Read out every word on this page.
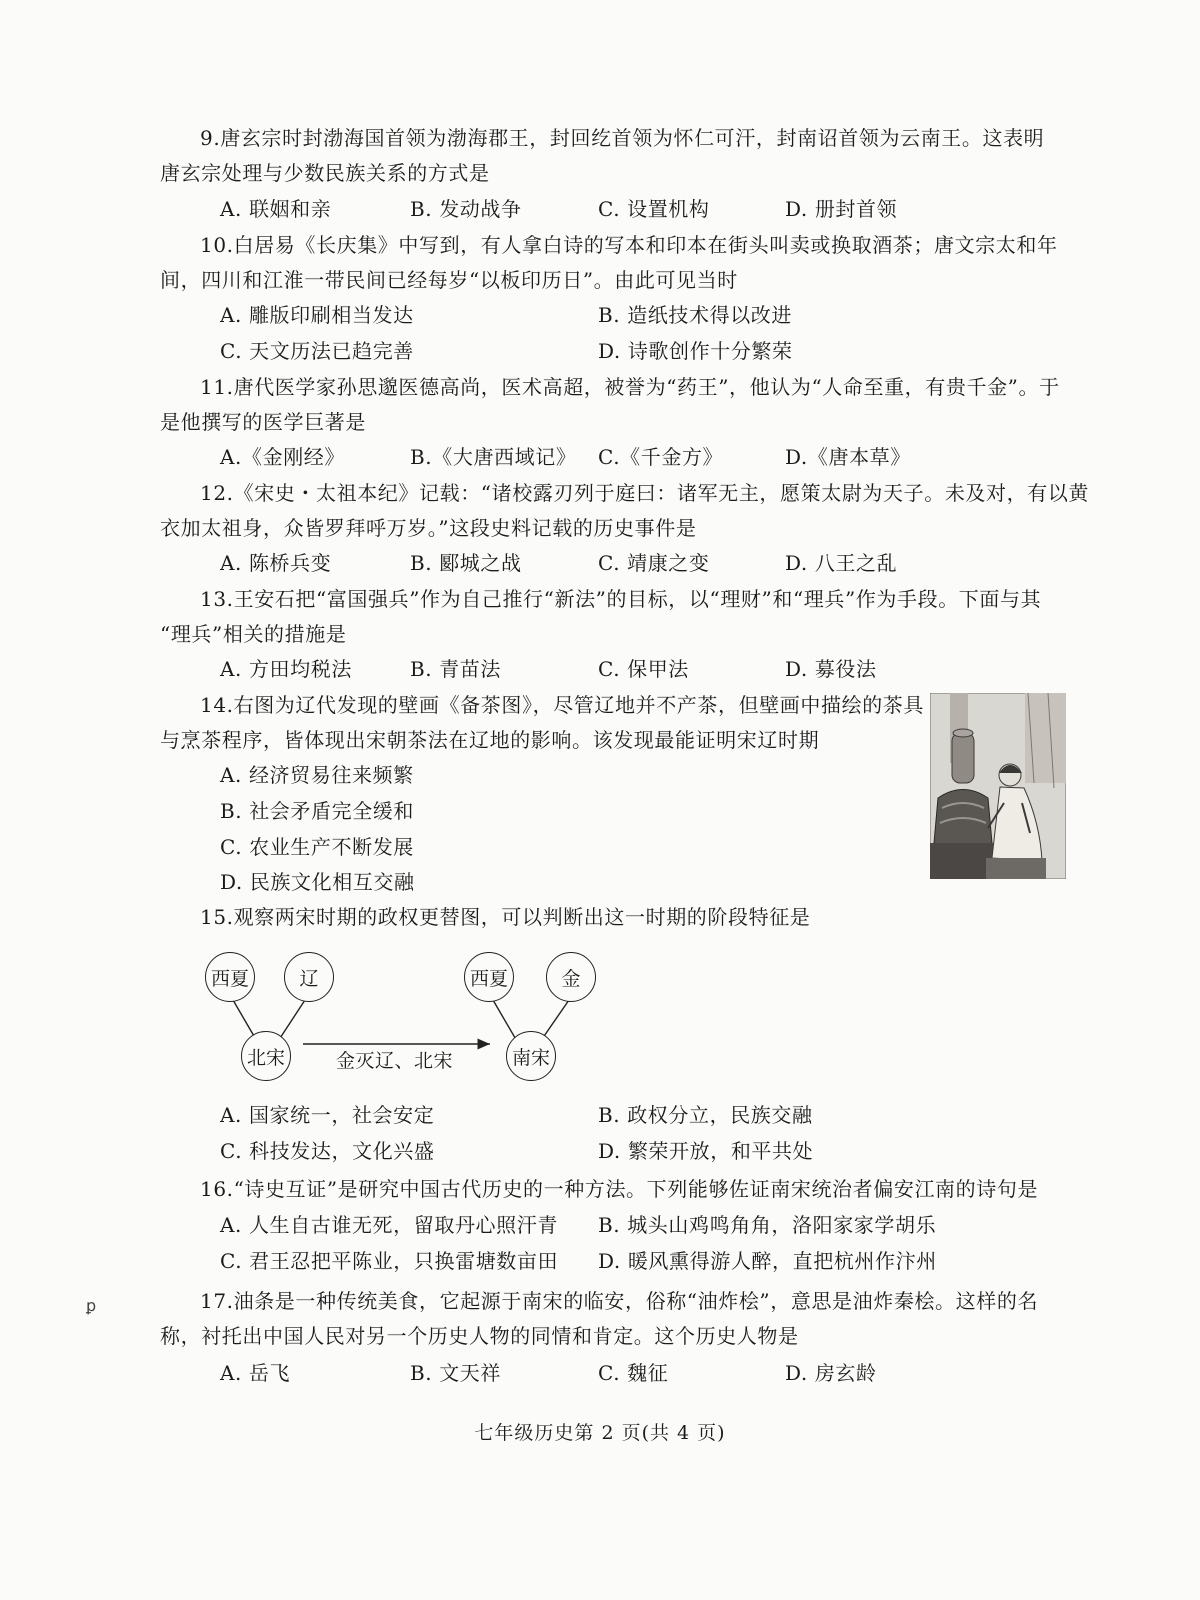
9.唐玄宗时封渤海国首领为渤海郡王，封回纥首领为怀仁可汗，封南诏首领为云南王。这表明
唐玄宗处理与少数民族关系的方式是
A. 联姻和亲	B. 发动战争	C. 设置机构	D. 册封首领
10.白居易《长庆集》中写到，有人拿白诗的写本和印本在街头叫卖或换取酒茶；唐文宗太和年
间，四川和江淮一带民间已经每岁“以板印历日”。由此可见当时
A. 雕版印刷相当发达	B. 造纸技术得以改进
C. 天文历法已趋完善	D. 诗歌创作十分繁荣
11.唐代医学家孙思邈医德高尚，医术高超，被誉为“药王”，他认为“人命至重，有贵千金”。于
是他撰写的医学巨著是
A.《金刚经》	B.《大唐西域记》 C.《千金方》	D.《唐本草》
12.《宋史・太祖本纪》记载：“诸校露刃列于庭曰：诸军无主，愿策太尉为天子。未及对，有以黄
衣加太祖身，众皆罗拜呼万岁。”这段史料记载的历史事件是
A. 陈桥兵变	B. 郾城之战	C. 靖康之变	D. 八王之乱
13.王安石把“富国强兵”作为自己推行“新法”的目标，以“理财”和“理兵”作为手段。下面与其
“理兵”相关的措施是
A. 方田均税法	B. 青苗法	C. 保甲法	D. 募役法
14.右图为辽代发现的壁画《备茶图》，尽管辽地并不产茶，但壁画中描绘的茶具
与烹茶程序，皆体现出宋朝茶法在辽地的影响。该发现最能证明宋辽时期
A. 经济贸易往来频繁
B. 社会矛盾完全缓和
C. 农业生产不断发展
D. 民族文化相互交融
15.观察两宋时期的政权更替图，可以判断出这一时期的阶段特征是
西夏	辽
北宋	金灭辽、北宋
西夏	金
南宋
A. 国家统一，社会安定	B. 政权分立，民族交融
C. 科技发达，文化兴盛	D. 繁荣开放，和平共处
16.“诗史互证”是研究中国古代历史的一种方法。下列能够佐证南宋统治者偏安江南的诗句是
A. 人生自古谁无死，留取丹心照汗青 B. 城头山鸡鸣角角，洛阳家家学胡乐
C. 君王忍把平陈业，只换雷塘数亩田 D. 暖风熏得游人醉，直把杭州作汴州
ꝑ	17.油条是一种传统美食，它起源于南宋的临安，俗称“油炸桧”，意思是油炸秦桧。这样的名
称，衬托出中国人民对另一个历史人物的同情和肯定。这个历史人物是
A. 岳飞	B. 文天祥	C. 魏征	D. 房玄龄
七年级历史第 2 页(共 4 页)
